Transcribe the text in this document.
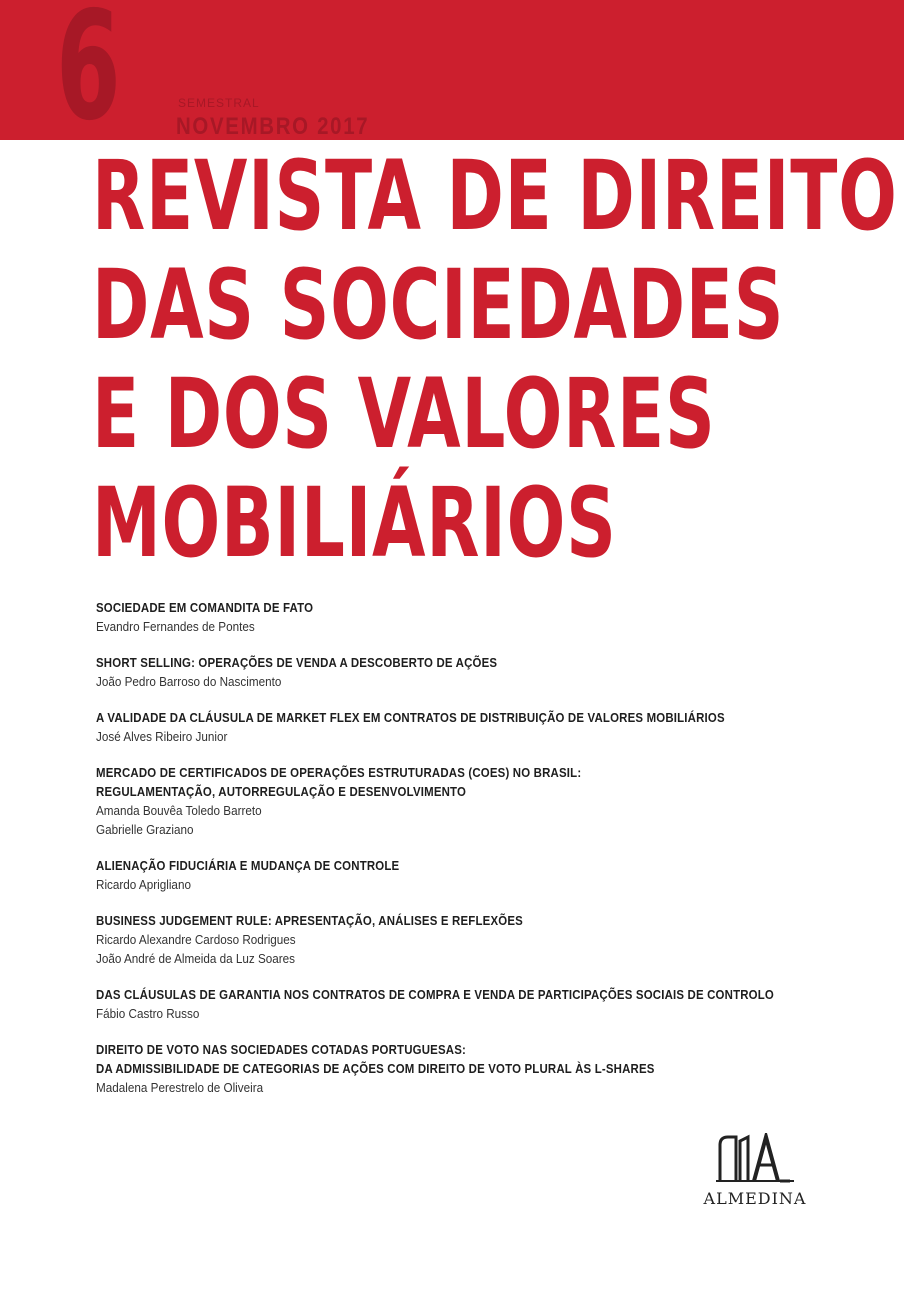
6	SEMESTRAL
NOVEMBRO 2017
REVISTA DE DIREITO
DAS SOCIEDADES
E DOS VALORES
MOBILIÁRIOS
SOCIEDADE EM COMANDITA DE FATO
Evandro Fernandes de Pontes
SHORT SELLING: OPERAÇÕES DE VENDA A DESCOBERTO DE AÇÕES
João Pedro Barroso do Nascimento
A VALIDADE DA CLÁUSULA DE MARKET FLEX EM CONTRATOS DE DISTRIBUIÇÃO DE VALORES MOBILIÁRIOS
José Alves Ribeiro Junior
MERCADO DE CERTIFICADOS DE OPERAÇÕES ESTRUTURADAS (COES) NO BRASIL:
REGULAMENTAÇÃO, AUTORREGULAÇÃO E DESENVOLVIMENTO
Amanda Bouvêa Toledo Barreto
Gabrielle Graziano
ALIENAÇÃO FIDUCIÁRIA E MUDANÇA DE CONTROLE
Ricardo Aprigliano
BUSINESS JUDGEMENT RULE: APRESENTAÇÃO, ANÁLISES E REFLEXÕES
Ricardo Alexandre Cardoso Rodrigues
João André de Almeida da Luz Soares
DAS CLÁUSULAS DE GARANTIA NOS CONTRATOS DE COMPRA E VENDA DE PARTICIPAÇÕES SOCIAIS DE CONTROLO
Fábio Castro Russo
DIREITO DE VOTO NAS SOCIEDADES COTADAS PORTUGUESAS:
DA ADMISSIBILIDADE DE CATEGORIAS DE AÇÕES COM DIREITO DE VOTO PLURAL ÀS L-SHARES
Madalena Perestrelo de Oliveira
ALMEDINA
